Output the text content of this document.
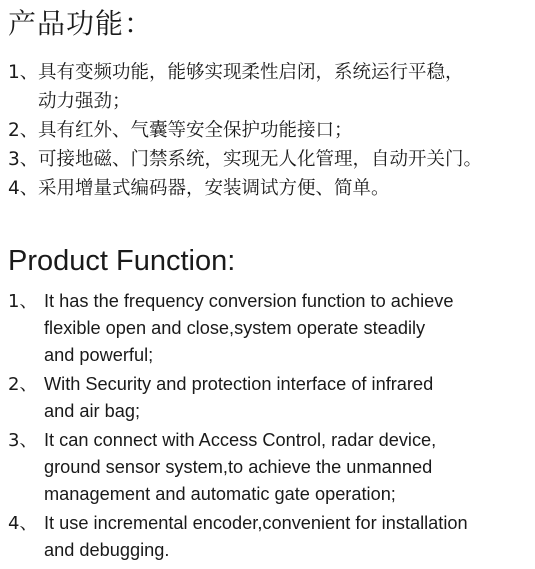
产品功能：
1、 具有变频功能，能够实现柔性启闭，系统运行平稳，
动力强劲；
2、 具有红外、气囊等安全保护功能接口；
3、 可接地磁、门禁系统，实现无人化管理，自动开关门。
4、 采用增量式编码器，安装调试方便、简单。
Product Function:
1、 It has the frequency conversion function to achieve
flexible open and close,system operate steadily
and powerful;
2、 With Security and protection interface of infrared
and air bag;
3、 It can connect with Access Control, radar device,
ground sensor system,to achieve the unmanned
management and automatic gate operation;
4、 It use incremental encoder,convenient for installation
and debugging.
